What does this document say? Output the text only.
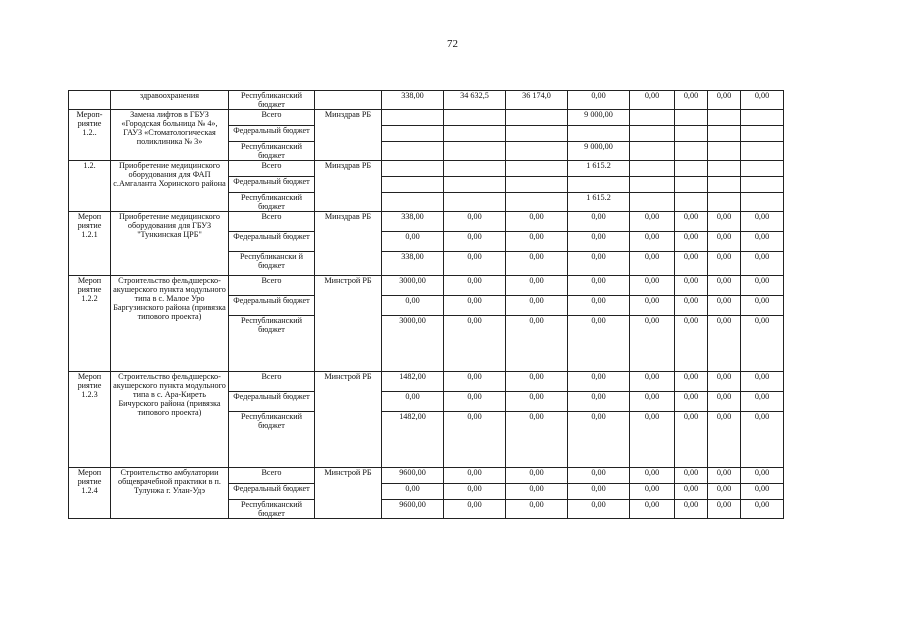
72
	здравоохранения	Республиканский бюджет		338,00	34 632,5	36 174,0	0,00	0,00	0,00	0,00	0,00
Мероп-риятие 1.2..	Замена лифтов в ГБУЗ «Городская больница № 4», ГАУЗ «Стоматологическая поликлиника № 3»	Всего	Минздрав РБ				9 000,00				
		Федеральный бюджет									
		Республиканский бюджет					9 000,00				
1.2.	Приобретение медицинского оборудования для ФАП с.Амгаланта Хоринского района	Всего	Минздрав РБ				1 615.2				
		Федеральный бюджет									
		Республиканский бюджет					1 615.2				
Мероп риятие 1.2.1	Приобретение медицинского оборудования для ГБУЗ "Тункинская ЦРБ"	Всего	Минздрав РБ	338,00	0,00	0,00	0,00	0,00	0,00	0,00	0,00
		Федеральный бюджет		0,00	0,00	0,00	0,00	0,00	0,00	0,00	0,00
		Республикански й бюджет		338,00	0,00	0,00	0,00	0,00	0,00	0,00	0,00
Мероп риятие 1.2.2	Строительство фельдшерско-акушерского пункта модульного типа в с. Малое Уро Баргузинского района (привязка типового проекта)	Всего	Минстрой РБ	3000,00	0,00	0,00	0,00	0,00	0,00	0,00	0,00
		Федеральный бюджет		0,00	0,00	0,00	0,00	0,00	0,00	0,00	0,00
		Республиканский бюджет		3000,00	0,00	0,00	0,00	0,00	0,00	0,00	0,00
Мероп риятие 1.2.3	Строительство фельдшерско-акушерского пункта модульного типа в с. Ара-Киреть Бичурского района (привязка типового проекта)	Всего	Минстрой РБ	1482,00	0,00	0,00	0,00	0,00	0,00	0,00	0,00
		Федеральный бюджет		0,00	0,00	0,00	0,00	0,00	0,00	0,00	0,00
		Республиканский бюджет		1482,00	0,00	0,00	0,00	0,00	0,00	0,00	0,00
Мероп риятие 1.2.4	Строительство амбулатории общеврачебной практики в п. Тулунжа г. Улан-Удэ	Всего	Минстрой РБ	9600,00	0,00	0,00	0,00	0,00	0,00	0,00	0,00
		Федеральный бюджет		0,00	0,00	0,00	0,00	0,00	0,00	0,00	0,00
		Республиканский бюджет		9600,00	0,00	0,00	0,00	0,00	0,00	0,00	0,00
